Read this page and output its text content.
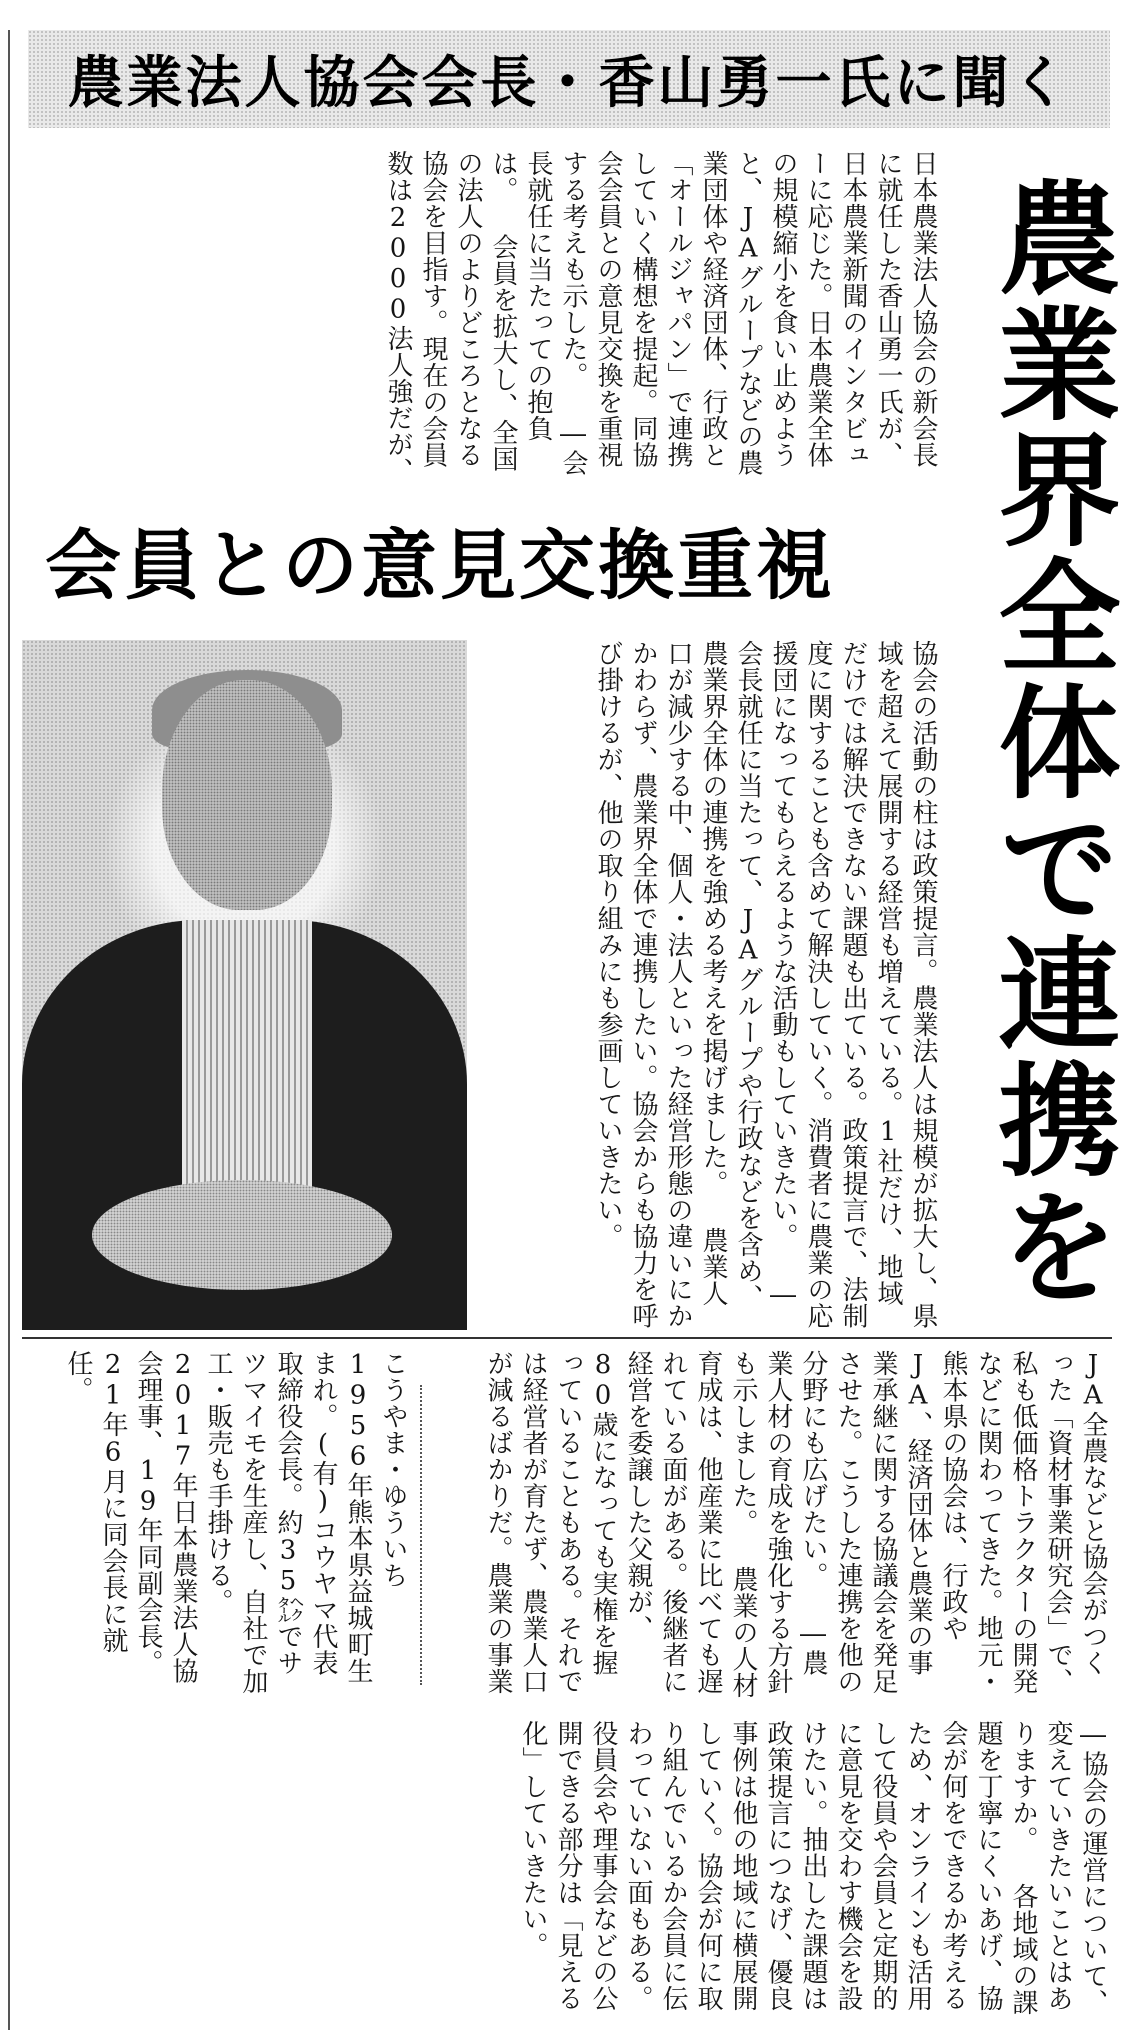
農業法人協会会長・香山勇一氏に聞く
農業界全体で連携を
日本農業法人協会の新会長に就任した香山勇一氏が、日本農業新聞のインタビューに応じた。日本農業全体の規模縮小を食い止めようと、JAグループなどの農業団体や経済団体、行政と「オールジャパン」で連携していく構想を提起。同協会会員との意見交換を重視する考えも示した。 ―会長就任に当たっての抱負は。 会員を拡大し、全国の法人のよりどころとなる協会を目指す。現在の会員数は2000法人強だが、
会員との意見交換重視
協会の活動の柱は政策提言。農業法人は規模が拡大し、県域を超えて展開する経営も増えている。1社だけ、地域だけでは解決できない課題も出ている。政策提言で、法制度に関することも含めて解決していく。消費者に農業の応援団になってもらえるような活動もしていきたい。 ―会長就任に当たって、JAグループや行政などを含め、農業界全体の連携を強める考えを掲げました。 農業人口が減少する中、個人・法人といった経営形態の違いにかかわらず、農業界全体で連携したい。協会からも協力を呼び掛けるが、他の取り組みにも参画していきたい。
JA全農などと協会がつくった「資材事業研究会」で、私も低価格トラクターの開発などに関わってきた。地元・熊本県の協会は、行政やJA、経済団体と農業の事業承継に関する協議会を発足させた。こうした連携を他の分野にも広げたい。 ―農業人材の育成を強化する方針も示しました。 農業の人材育成は、他産業に比べても遅れている面がある。後継者に経営を委譲した父親が、80歳になっても実権を握っていることもある。それでは経営者が育たず、農業人口が減るばかりだ。農業の事業
こうやま・ゆういち 1956年熊本県益城町生まれ。(有)コウヤマ代表取締役会長。約35㌶でサツマイモを生産し、自社で加工・販売も手掛ける。2017年日本農業法人協会理事、19年同副会長。21年6月に同会長に就任。
―協会の運営について、変えていきたいことはありますか。 各地域の課題を丁寧にくいあげ、協会が何をできるか考えるため、オンラインも活用して役員や会員と定期的に意見を交わす機会を設けたい。抽出した課題は政策提言につなげ、優良事例は他の地域に横展開していく。協会が何に取り組んでいるか会員に伝わっていない面もある。役員会や理事会などの公開できる部分は「見える化」していきたい。
